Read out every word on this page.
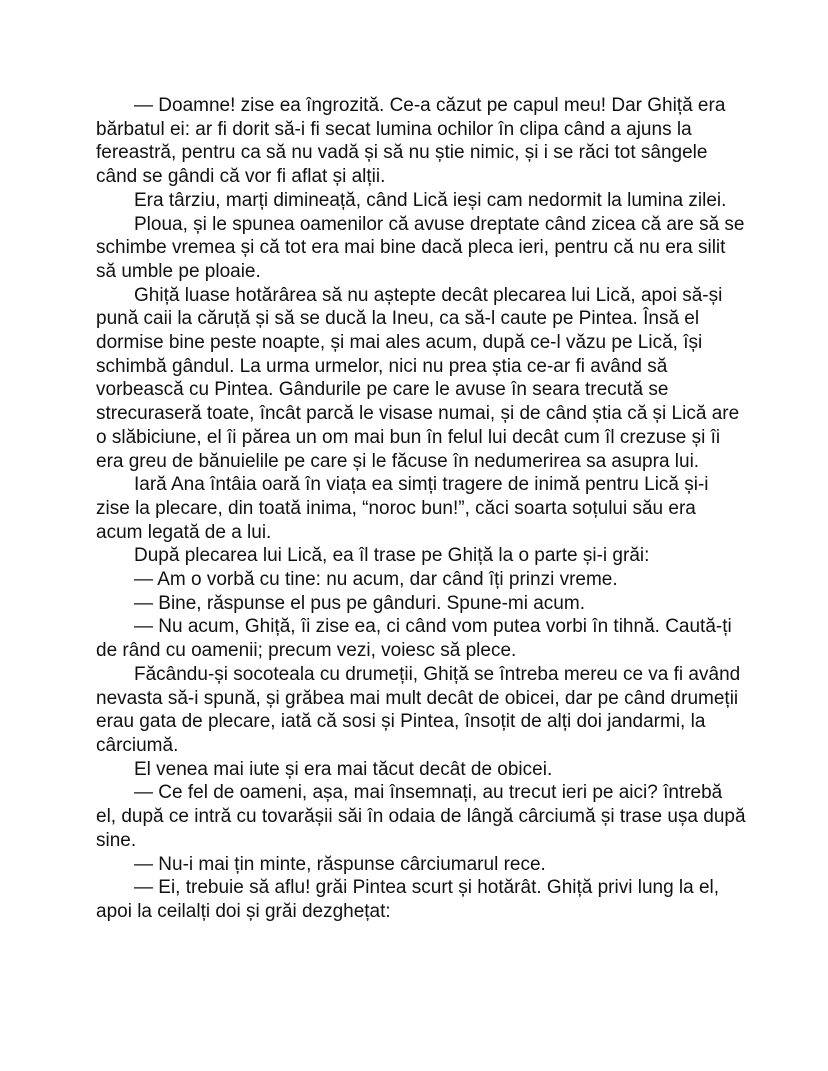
— Doamne! zise ea îngrozită. Ce-a căzut pe capul meu! Dar Ghiță era bărbatul ei: ar fi dorit să-i fi secat lumina ochilor în clipa când a ajuns la fereastră, pentru ca să nu vadă și să nu știe nimic, și i se răci tot sângele când se gândi că vor fi aflat și alții.

Era târziu, marți dimineață, când Lică ieși cam nedormit la lumina zilei.

Ploua, și le spunea oamenilor că avuse dreptate când zicea că are să se schimbe vremea și că tot era mai bine dacă pleca ieri, pentru că nu era silit să umble pe ploaie.

Ghiță luase hotărârea să nu aștepte decât plecarea lui Lică, apoi să-și pună caii la căruță și să se ducă la Ineu, ca să-l caute pe Pintea. Însă el dormise bine peste noapte, și mai ales acum, după ce-l văzu pe Lică, își schimbă gândul. La urma urmelor, nici nu prea știa ce-ar fi având să vorbească cu Pintea. Gândurile pe care le avuse în seara trecută se strecuraseră toate, încât parcă le visase numai, și de când știa că și Lică are o slăbiciune, el îi părea un om mai bun în felul lui decât cum îl crezuse și îi era greu de bănuielile pe care și le făcuse în nedumerirea sa asupra lui.

Iară Ana întâia oară în viața ea simți tragere de inimă pentru Lică și-i zise la plecare, din toată inima, “noroc bun!”, căci soarta soțului său era acum legată de a lui.

După plecarea lui Lică, ea îl trase pe Ghiță la o parte și-i grăi:

— Am o vorbă cu tine: nu acum, dar când îți prinzi vreme.

— Bine, răspunse el pus pe gânduri. Spune-mi acum.

— Nu acum, Ghiță, îi zise ea, ci când vom putea vorbi în tihnă. Caută-ți de rând cu oamenii; precum vezi, voiesc să plece.

Făcându-și socoteala cu drumeții, Ghiță se întreba mereu ce va fi având nevasta să-i spună, și grăbea mai mult decât de obicei, dar pe când drumeții erau gata de plecare, iată că sosi și Pintea, însoțit de alți doi jandarmi, la cârciumă.

El venea mai iute și era mai tăcut decât de obicei.

— Ce fel de oameni, așa, mai însemnați, au trecut ieri pe aici? întrebă el, după ce intră cu tovarășii săi în odaia de lângă cârciumă și trase ușa după sine.

— Nu-i mai țin minte, răspunse cârciumarul rece.

— Ei, trebuie să aflu! grăi Pintea scurt și hotărât. Ghiță privi lung la el, apoi la ceilalți doi și grăi dezghețat:
